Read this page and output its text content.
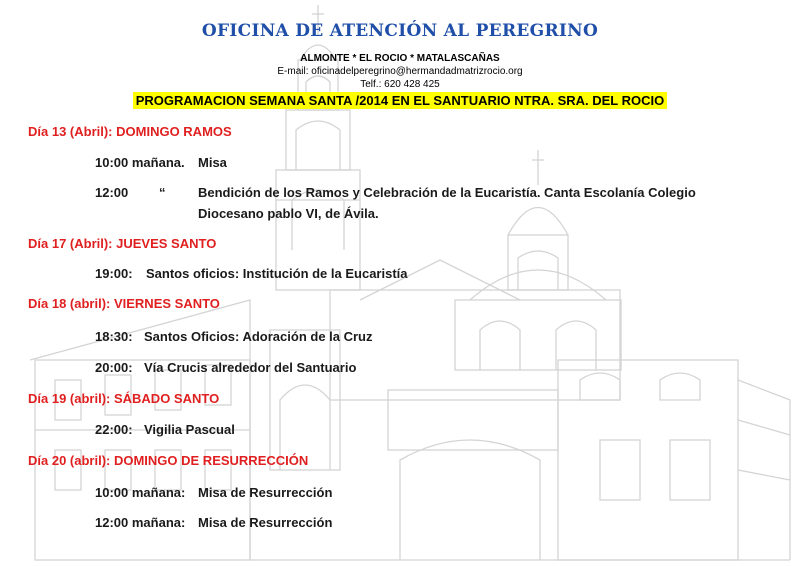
OFICINA DE ATENCIÓN AL PEREGRINO
ALMONTE * EL ROCIO * MATALASCAÑAS
E-mail: oficinadelperegrino@hermandadmatrizrocio.org
Telf.: 620 428 425
PROGRAMACION SEMANA SANTA /2014 EN EL SANTUARIO NTRA. SRA. DEL ROCIO
Día 13 (Abril): DOMINGO RAMOS
10:00 mañana. Misa
12:00 “	Bendición de los Ramos y Celebración de la Eucaristía. Canta Escolanía Colegio
Diocesano pablo VI, de Ávila.
Día 17 (Abril): JUEVES SANTO
19:00: Santos oficios: Institución de la Eucaristía
Día 18 (abril): VIERNES SANTO
18:30: Santos Oficios: Adoración de la Cruz
20:00: Vía Crucis alrededor del Santuario
Día 19 (abril): SÁBADO SANTO
22:00: Vigilia Pascual
Día 20 (abril): DOMINGO DE RESURRECCIÓN
10:00 mañana: Misa de Resurrección
12:00 mañana: Misa de Resurrección
